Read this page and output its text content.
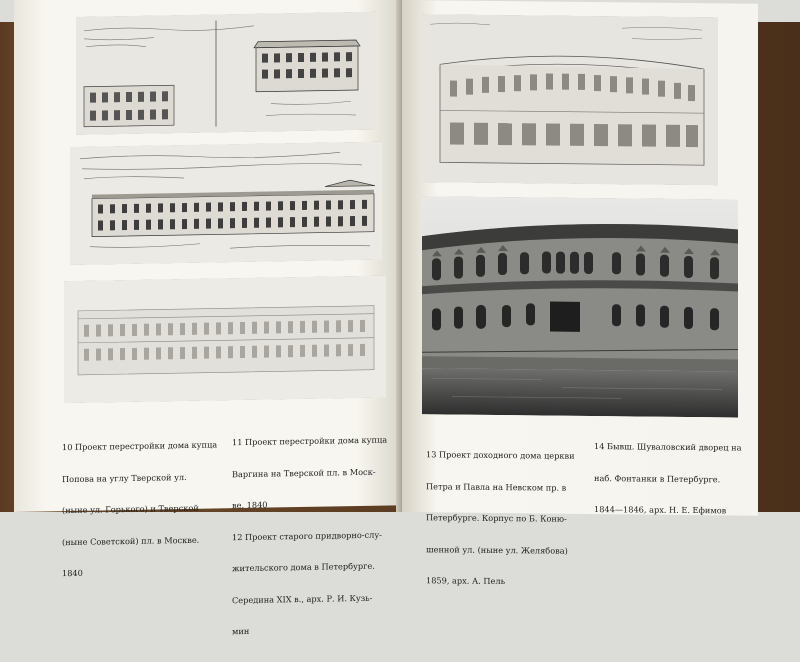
10 Проект перестройки дома купца

Попова на углу Тверской ул.

(ныне ул. Горького) и Тверской

(ныне Советской) пл. в Москве.

1840

11 Проект перестройки дома купца

Варгина на Тверской пл. в Моск-

ве. 1840

12 Проект старого придворно-слу-

жительского дома в Петербурге.

Середина XIX в., арх. Р. И. Кузь-

мин

13 Проект доходного дома церкви

Петра и Павла на Невском пр. в

Петербурге. Корпус по Б. Коню-

шенной ул. (ныне ул. Желябова)

1859, арх. А. Пель

14 Бывш. Шуваловский дворец на

наб. Фонтанки в Петербурге.

1844—1846, арх. Н. Е. Ефимов
